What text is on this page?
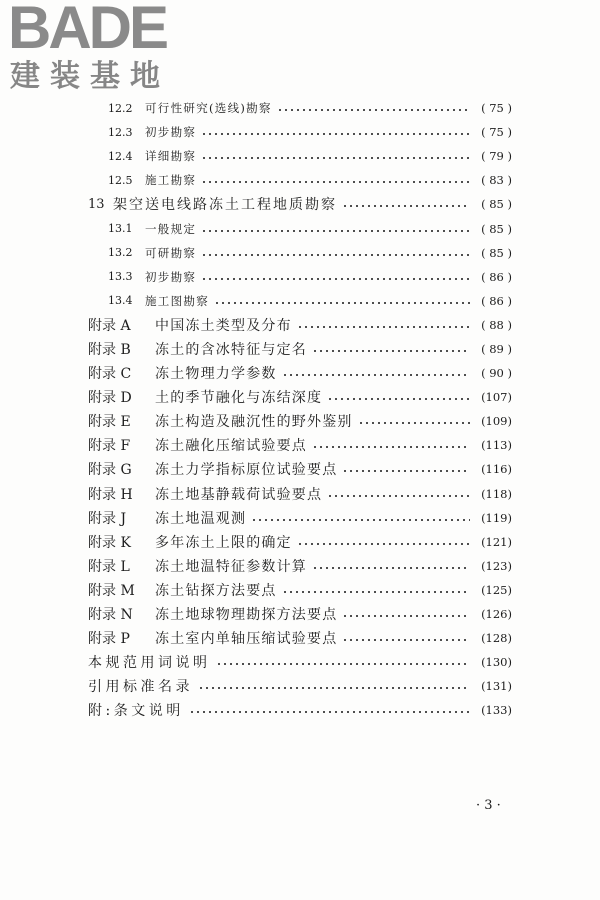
BADE
建装基地
12.2	可行性研究(选线)勘察	( 75 )
12.3	初步勘察	( 75 )
12.4	详细勘察	( 79 )
12.5	施工勘察	( 83 )
13 架空送电线路冻土工程地质勘察	( 85 )
13.1	一般规定	( 85 )
13.2	可研勘察	( 85 )
13.3	初步勘察	( 86 )
13.4	施工图勘察	( 86 )
附录 A	中国冻土类型及分布	( 88 )
附录 B	冻土的含冰特征与定名	( 89 )
附录 C	冻土物理力学参数	( 90 )
附录 D	土的季节融化与冻结深度	(107)
附录 E	冻土构造及融沉性的野外鉴别	(109)
附录 F	冻土融化压缩试验要点	(113)
附录 G	冻土力学指标原位试验要点	(116)
附录 H	冻土地基静载荷试验要点	(118)
附录 J	冻土地温观测	(119)
附录 K	多年冻土上限的确定	(121)
附录 L	冻土地温特征参数计算	(123)
附录 M	冻土钻探方法要点	(125)
附录 N	冻土地球物理勘探方法要点	(126)
附录 P	冻土室内单轴压缩试验要点	(128)
本规范用词说明	(130)
引用标准名录	(131)
附:条文说明	(133)
· 3 ·
